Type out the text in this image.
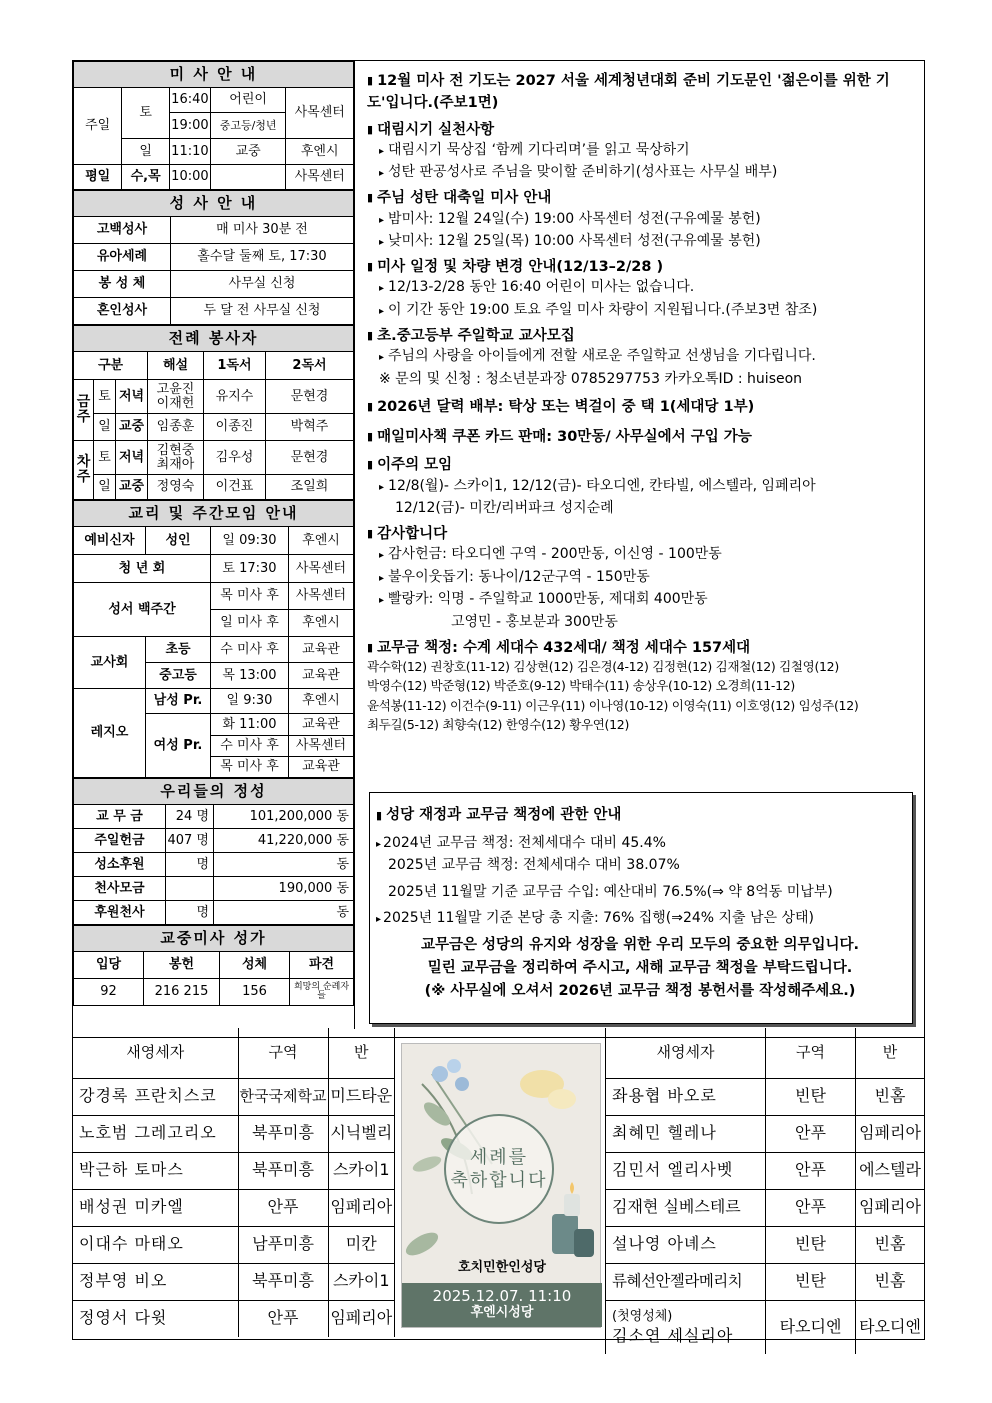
미 사 안 내				
주일	토	16:40	어린이	사목센터
		19:00	중고등/청년	
	일	11:10	교중	후엔시
평일	수,목	10:00		사목센터
성 사 안 내	
고백성사	매 미사 30분 전
유아세례	홀수달 둘째 토, 17:30
봉 성 체	사무실 신청
혼인성사	두 달 전 사무실 신청
전례 봉사자					
구분			해설	1독서	2독서
금주	토	저녁	고윤진 이재헌	유지수	문현경
	일	교중	임종훈	이종진	박혁주
차주	토	저녁	김현중 최재아	김우성	문현경
	일	교중	정영숙	이건표	조일희
교리 및 주간모임 안내			
예비신자	성인	일 09:30	후엔시
청 년 회		토 17:30	사목센터
성서 백주간		목 미사 후	사목센터
		일 미사 후	후엔시
교사회	초등	수 미사 후	교육관
	중고등	목 13:00	교육관
레지오	남성 Pr.	일 9:30	후엔시
	여성 Pr.	화 11:00	교육관
		수 미사 후	사목센터
		목 미사 후	교육관
우리들의 정성		
교 무 금	24 명	101,200,000 동
주일헌금	407 명	41,220,000 동
성소후원	명	동
천사모금		190,000 동
후원천사	명	동
교중미사 성가			
입당	봉헌	성체	파견
92	216 215	156	희망의 순례자들
▮ 12월 미사 전 기도는 2027 서울 세계청년대회 준비 기도문인 '젊은이를 위한 기도'입니다.(주보1면)
▮ 대림시기 실천사항
▸ 대림시기 묵상집 ‘함께 기다리며’를 읽고 묵상하기
▸ 성탄 판공성사로 주님을 맞이할 준비하기(성사표는 사무실 배부)
▮ 주님 성탄 대축일 미사 안내
▸ 밤미사: 12월 24일(수) 19:00 사목센터 성전(구유예물 봉헌)
▸ 낮미사: 12월 25일(목) 10:00 사목센터 성전(구유예물 봉헌)
▮ 미사 일정 및 차량 변경 안내(12/13–2/28 )
▸ 12/13-2/28 동안 16:40 어린이 미사는 없습니다.
▸ 이 기간 동안 19:00 토요 주일 미사 차량이 지원됩니다.(주보3면 참조)
▮ 초.중고등부 주일학교 교사모집
▸ 주님의 사랑을 아이들에게 전할 새로운 주일학교 선생님을 기다립니다.
※ 문의 및 신청 : 청소년분과장 0785297753 카카오톡ID : huiseon
▮ 2026년 달력 배부: 탁상 또는 벽걸이 중 택 1(세대당 1부)
▮ 매일미사책 쿠폰 카드 판매: 30만동/ 사무실에서 구입 가능
▮ 이주의 모임
▸ 12/8(월)- 스카이1, 12/12(금)- 타오디엔, 칸타빌, 에스텔라, 임페리아
12/12(금)- 미칸/리버파크 성지순례
▮ 감사합니다
▸ 감사헌금: 타오디엔 구역 - 200만동, 이신영 - 100만동
▸ 불우이웃돕기: 동나이/12군구역 - 150만동
▸ 빨랑카: 익명 - 주일학교 1000만동, 제대회 400만동
고영민 - 홍보분과 300만동
▮ 교무금 책정: 수계 세대수 432세대/ 책정 세대수 157세대
곽수학(12) 권창호(11-12) 김상현(12) 김은경(4-12) 김정현(12) 김재철(12) 김철영(12)
박영수(12) 박준형(12) 박준호(9-12) 박태수(11) 송상우(10-12) 오경희(11-12)
윤석봉(11-12) 이건수(9-11) 이근우(11) 이나영(10-12) 이영숙(11) 이호영(12) 임성주(12)
최두길(5-12) 최향숙(12) 한영수(12) 황우연(12)
▮ 성당 재정과 교무금 책정에 관한 안내
▸ 2024년 교무금 책정: 전체세대수 대비 45.4%
2025년 교무금 책정: 전체세대수 대비 38.07%
2025년 11월말 기준 교무금 수입: 예산대비 76.5%(⇒ 약 8억동 미납부)
▸ 2025년 11월말 기준 본당 총 지출: 76% 집행(⇒24% 지출 남은 상태)
교무금은 성당의 유지와 성장을 위한 우리 모두의 중요한 의무입니다.
밀린 교무금을 정리하여 주시고, 새해 교무금 책정을 부탁드립니다.
(※ 사무실에 오셔서 2026년 교무금 책정 봉헌서를 작성해주세요.)
새영세자	구역	반
강경록 프란치스코	한국국제학교	미드타운
노호범 그레고리오	북푸미흥	시닉벨리
박근하 토마스	북푸미흥	스카이1
배성권 미카엘	안푸	임페리아
이대수 마태오	남푸미흥	미칸
정부영 비오	북푸미흥	스카이1
정영서 다윗	안푸	임페리아
세례를
축하합니다
호치민한인성당
2025.12.07. 11:10
후엔시성당
새영세자	구역	반
좌용협 바오로	빈탄	빈홈
최혜민 헬레나	안푸	임페리아
김민서 엘리사벳	안푸	에스텔라
김재현 실베스테르	안푸	임페리아
설나영 아녜스	빈탄	빈홈
류혜선안젤라메리치	빈탄	빈홈

(첫영성체)
김소연 세실리아	타오디엔	타오디엔
